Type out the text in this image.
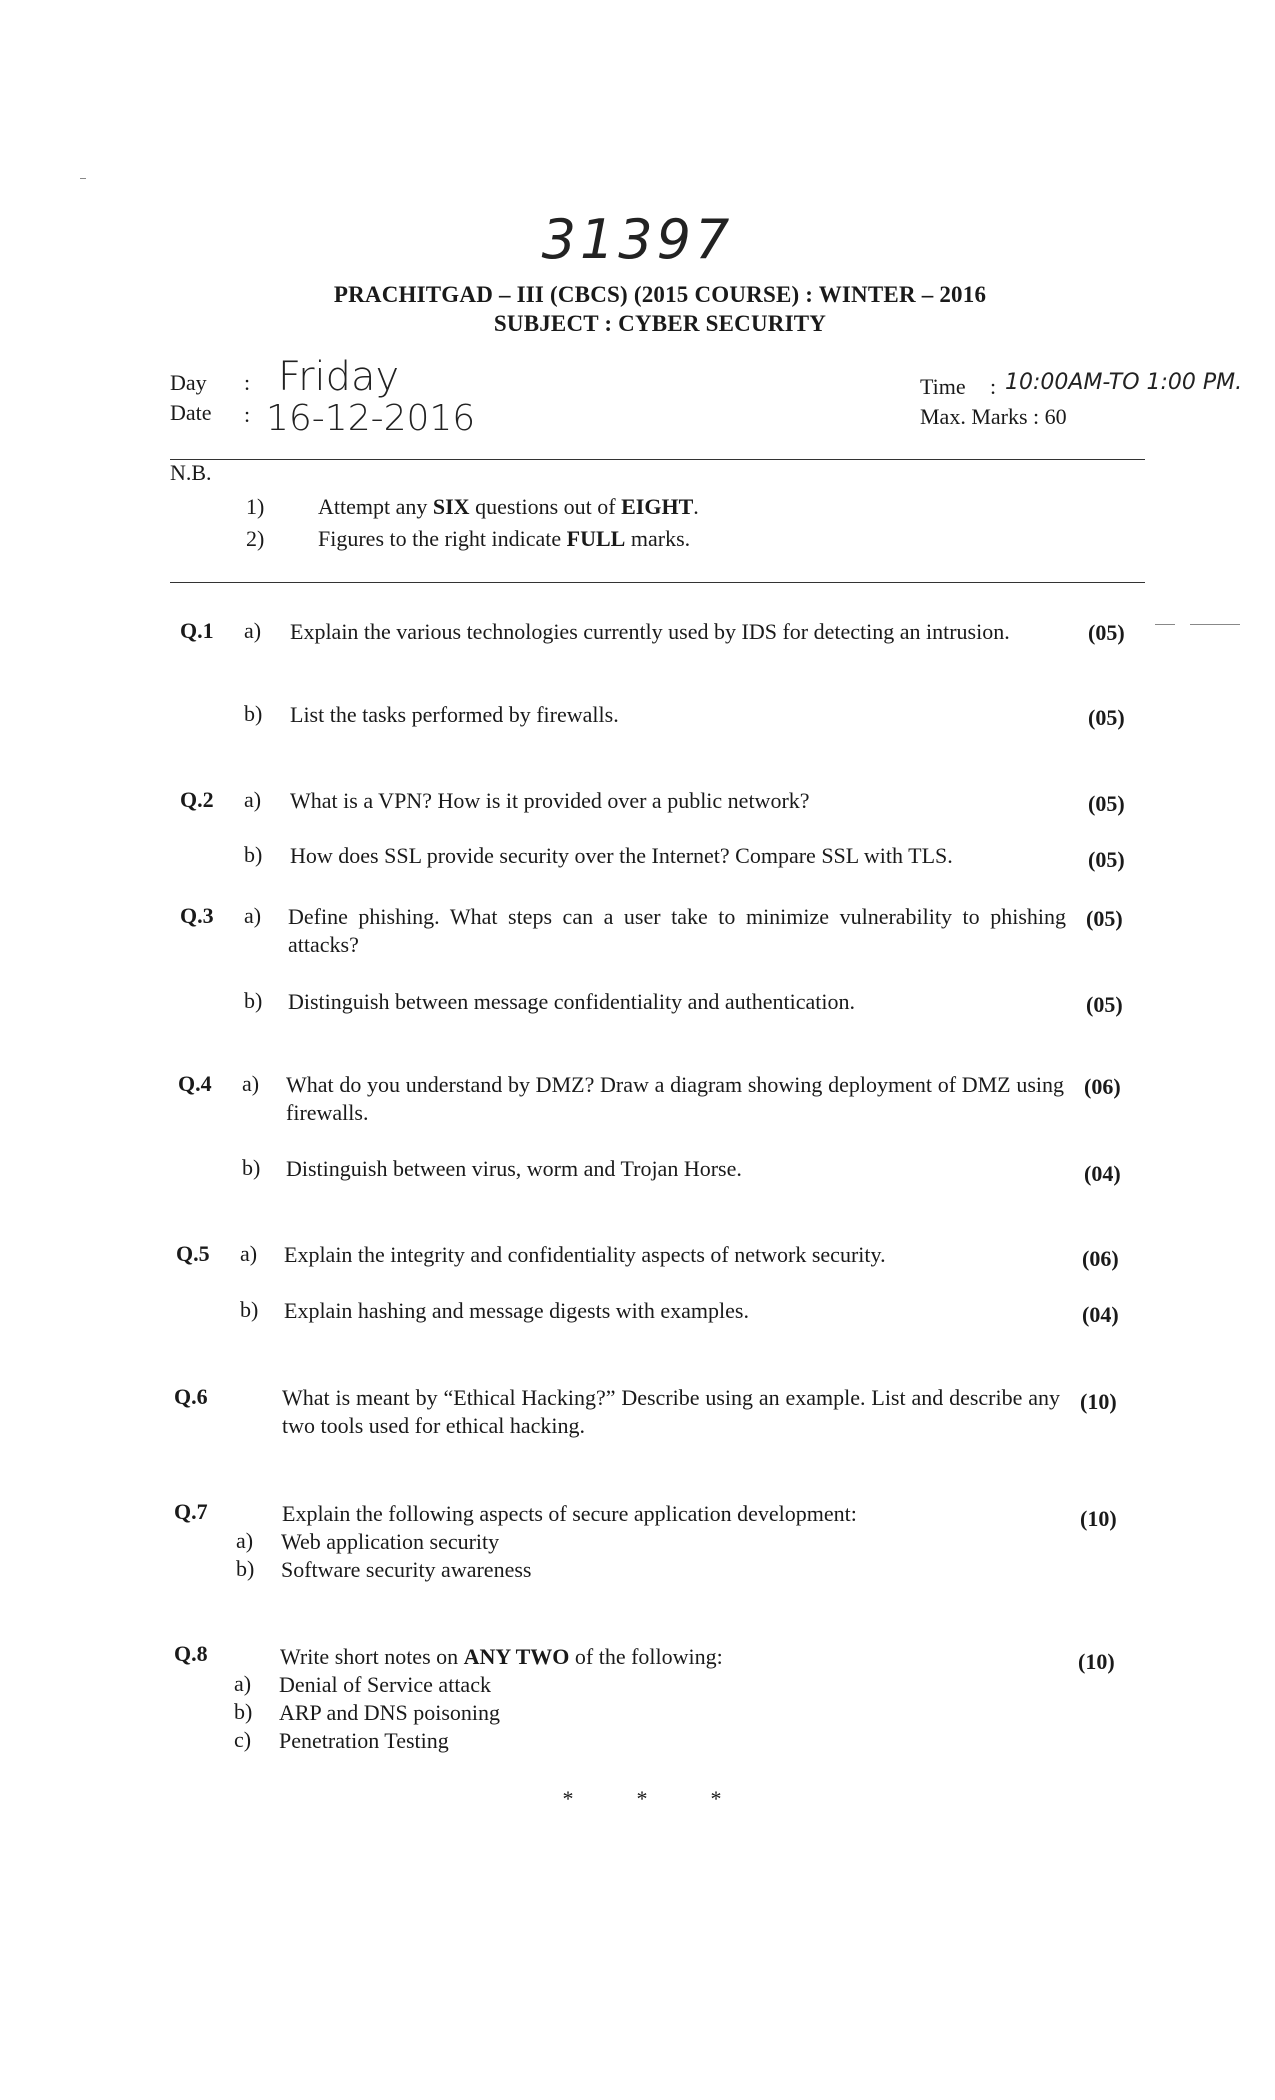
31397
PRACHITGAD – III (CBCS) (2015 COURSE) : WINTER – 2016
SUBJECT : CYBER SECURITY
Day : Friday
Date : 16-12-2016
Time : 10:00AM-TO 1:00 PM.
Max. Marks : 60
N.B.
1) Attempt any SIX questions out of EIGHT.
2) Figures to the right indicate FULL marks.
Q.1 a) Explain the various technologies currently used by IDS for detecting an intrusion.	(05)
b) List the tasks performed by firewalls.	(05)
Q.2 a) What is a VPN? How is it provided over a public network?	(05)
b) How does SSL provide security over the Internet? Compare SSL with TLS.	(05)
Q.3 a) Define phishing. What steps can a user take to minimize vulnerability to phishing attacks?
(05)
b) Distinguish between message confidentiality and authentication.	(05)
Q.4 a) What do you understand by DMZ? Draw a diagram showing deployment of DMZ using firewalls.
(06)
b) Distinguish between virus, worm and Trojan Horse.	(04)
Q.5 a) Explain the integrity and confidentiality aspects of network security.	(06)
b) Explain hashing and message digests with examples.	(04)
Q.6	What is meant by “Ethical Hacking?” Describe using an example. List and describe any two tools used for ethical hacking.
(10)
Q.7	Explain the following aspects of secure application development:	(10)
a) Web application security
b) Software security awareness
Q.8	Write short notes on ANY TWO of the following:	(10)
a) Denial of Service attack
b) ARP and DNS poisoning
c) Penetration Testing
*	*	*
